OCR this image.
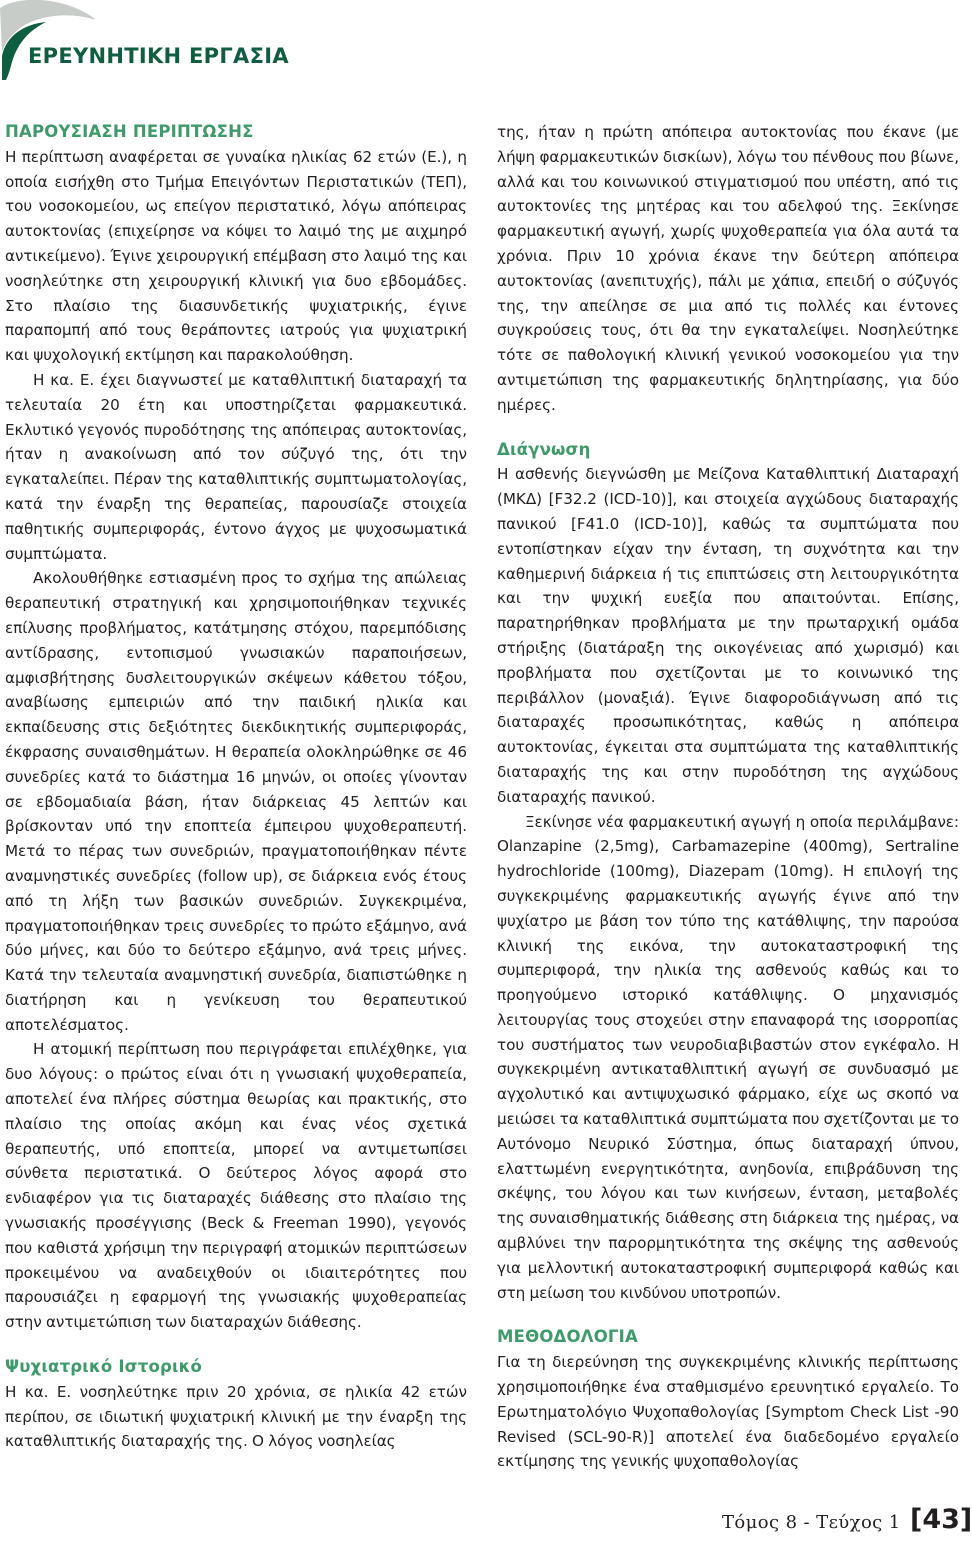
ΕΡΕΥΝΗΤΙΚΗ ΕΡΓΑΣΙΑ
ΠΑΡΟΥΣΙΑΣΗ ΠΕΡΙΠΤΩΣΗΣ

Η περίπτωση αναφέρεται σε γυναίκα ηλικίας 62 ετών (Ε.), η οποία εισήχθη στο Τμήμα Επειγόντων Περιστατικών (ΤΕΠ), του νοσοκομείου, ως επείγον περιστατικό, λόγω απόπειρας αυτοκτονίας (επιχείρησε να κόψει το λαιμό της με αιχμηρό αντικείμενο). Έγινε χειρουργική επέμβαση στο λαιμό της και νοσηλεύτηκε στη χειρουργική κλινική για δυο εβδομάδες. Στο πλαίσιο της διασυνδετικής ψυχιατρικής, έγινε παραπομπή από τους θεράποντες ιατρούς για ψυχιατρική και ψυχολογική εκτίμηση και παρακολούθηση.

Η κα. Ε. έχει διαγνωστεί με καταθλιπτική διαταραχή τα τελευταία 20 έτη και υποστηρίζεται φαρμακευτικά. Εκλυτικό γεγονός πυροδότησης της απόπειρας αυτοκτονίας, ήταν η ανακοίνωση από τον σύζυγό της, ότι την εγκαταλείπει. Πέραν της καταθλιπτικής συμπτωματολογίας, κατά την έναρξη της θεραπείας, παρουσίαζε στοιχεία παθητικής συμπεριφοράς, έντονο άγχος με ψυχοσωματικά συμπτώματα.

Ακολουθήθηκε εστιασμένη προς το σχήμα της απώλειας θεραπευτική στρατηγική και χρησιμοποιήθηκαν τεχνικές επίλυσης προβλήματος, κατάτμησης στόχου, παρεμπόδισης αντίδρασης, εντοπισμού γνωσιακών παραποιήσεων, αμφισβήτησης δυσλειτουργικών σκέψεων κάθετου τόξου, αναβίωσης εμπειριών από την παιδική ηλικία και εκπαίδευσης στις δεξιότητες διεκδικητικής συμπεριφοράς, έκφρασης συναισθημάτων. Η θεραπεία ολοκληρώθηκε σε 46 συνεδρίες κατά το διάστημα 16 μηνών, οι οποίες γίνονταν σε εβδομαδιαία βάση, ήταν διάρκειας 45 λεπτών και βρίσκονταν υπό την εποπτεία έμπειρου ψυχοθεραπευτή. Μετά το πέρας των συνεδριών, πραγματοποιήθηκαν πέντε αναμνηστικές συνεδρίες (follow up), σε διάρκεια ενός έτους από τη λήξη των βασικών συνεδριών. Συγκεκριμένα, πραγματοποιήθηκαν τρεις συνεδρίες το πρώτο εξάμηνο, ανά δύο μήνες, και δύο το δεύτερο εξάμηνο, ανά τρεις μήνες. Κατά την τελευταία αναμνηστική συνεδρία, διαπιστώθηκε η διατήρηση και η γενίκευση του θεραπευτικού αποτελέσματος.

Η ατομική περίπτωση που περιγράφεται επιλέχθηκε, για δυο λόγους: ο πρώτος είναι ότι η γνωσιακή ψυχοθεραπεία, αποτελεί ένα πλήρες σύστημα θεωρίας και πρακτικής, στο πλαίσιο της οποίας ακόμη και ένας νέος σχετικά θεραπευτής, υπό εποπτεία, μπορεί να αντιμετωπίσει σύνθετα περιστατικά. Ο δεύτερος λόγος αφορά στο ενδιαφέρον για τις διαταραχές διάθεσης στο πλαίσιο της γνωσιακής προσέγγισης (Beck & Freeman 1990), γεγονός που καθιστά χρήσιμη την περιγραφή ατομικών περιπτώσεων προκειμένου να αναδειχθούν οι ιδιαιτερότητες που παρουσιάζει η εφαρμογή της γνωσιακής ψυχοθεραπείας στην αντιμετώπιση των διαταραχών διάθεσης.

Ψυχιατρικό Ιστορικό

Η κα. Ε. νοσηλεύτηκε πριν 20 χρόνια, σε ηλικία 42 ετών περίπου, σε ιδιωτική ψυχιατρική κλινική με την έναρξη της καταθλιπτικής διαταραχής της. Ο λόγος νοσηλείας

της, ήταν η πρώτη απόπειρα αυτοκτονίας που έκανε (με λήψη φαρμακευτικών δισκίων), λόγω του πένθους που βίωνε, αλλά και του κοινωνικού στιγματισμού που υπέστη, από τις αυτοκτονίες της μητέρας και του αδελφού της. Ξεκίνησε φαρμακευτική αγωγή, χωρίς ψυχοθεραπεία για όλα αυτά τα χρόνια. Πριν 10 χρόνια έκανε την δεύτερη απόπειρα αυτοκτονίας (ανεπιτυχής), πάλι με χάπια, επειδή ο σύζυγός της, την απείλησε σε μια από τις πολλές και έντονες συγκρούσεις τους, ότι θα την εγκαταλείψει. Νοσηλεύτηκε τότε σε παθολογική κλινική γενικού νοσοκομείου για την αντιμετώπιση της φαρμακευτικής δηλητηρίασης, για δύο ημέρες.

Διάγνωση

Η ασθενής διεγνώσθη με Μείζονα Καταθλιπτική Διαταραχή (ΜΚΔ) [F32.2 (ICD-10)], και στοιχεία αγχώδους διαταραχής πανικού [F41.0 (ICD-10)], καθώς τα συμπτώματα που εντοπίστηκαν είχαν την ένταση, τη συχνότητα και την καθημερινή διάρκεια ή τις επιπτώσεις στη λειτουργικότητα και την ψυχική ευεξία που απαιτούνται. Επίσης, παρατηρήθηκαν προβλήματα με την πρωταρχική ομάδα στήριξης (διατάραξη της οικογένειας από χωρισμό) και προβλήματα που σχετίζονται με το κοινωνικό της περιβάλλον (μοναξιά). Έγινε διαφοροδιάγνωση από τις διαταραχές προσωπικότητας, καθώς η απόπειρα αυτοκτονίας, έγκειται στα συμπτώματα της καταθλιπτικής διαταραχής της και στην πυροδότηση της αγχώδους διαταραχής πανικού.

Ξεκίνησε νέα φαρμακευτική αγωγή η οποία περιλάμβανε: Olanzapine (2,5mg), Carbamazepine (400mg), Sertraline hydrochloride (100mg), Diazepam (10mg). Η επιλογή της συγκεκριμένης φαρμακευτικής αγωγής έγινε από την ψυχίατρο με βάση τον τύπο της κατάθλιψης, την παρούσα κλινική της εικόνα, την αυτοκαταστροφική της συμπεριφορά, την ηλικία της ασθενούς καθώς και το προηγούμενο ιστορικό κατάθλιψης. Ο μηχανισμός λειτουργίας τους στοχεύει στην επαναφορά της ισορροπίας του συστήματος των νευροδιαβιβαστών στον εγκέφαλο. Η συγκεκριμένη αντικαταθλιπτική αγωγή σε συνδυασμό με αγχολυτικό και αντιψυχωσικό φάρμακο, είχε ως σκοπό να μειώσει τα καταθλιπτικά συμπτώματα που σχετίζονται με το Αυτόνομο Νευρικό Σύστημα, όπως διαταραχή ύπνου, ελαττωμένη ενεργητικότητα, ανηδονία, επιβράδυνση της σκέψης, του λόγου και των κινήσεων, ένταση, μεταβολές της συναισθηματικής διάθεσης στη διάρκεια της ημέρας, να αμβλύνει την παρορμητικότητα της σκέψης της ασθενούς για μελλοντική αυτοκαταστροφική συμπεριφορά καθώς και στη μείωση του κινδύνου υποτροπών.

ΜΕΘΟΔΟΛΟΓΙΑ

Για τη διερεύνηση της συγκεκριμένης κλινικής περίπτωσης χρησιμοποιήθηκε ένα σταθμισμένο ερευνητικό εργαλείο. Το Ερωτηματολόγιο Ψυχοπαθολογίας [Symptom Check List -90 Revised (SCL-90-R)] αποτελεί ένα διαδεδομένο εργαλείο εκτίμησης της γενικής ψυχοπαθολογίας

Τόμος 8 - Τεύχος 1 [43]
